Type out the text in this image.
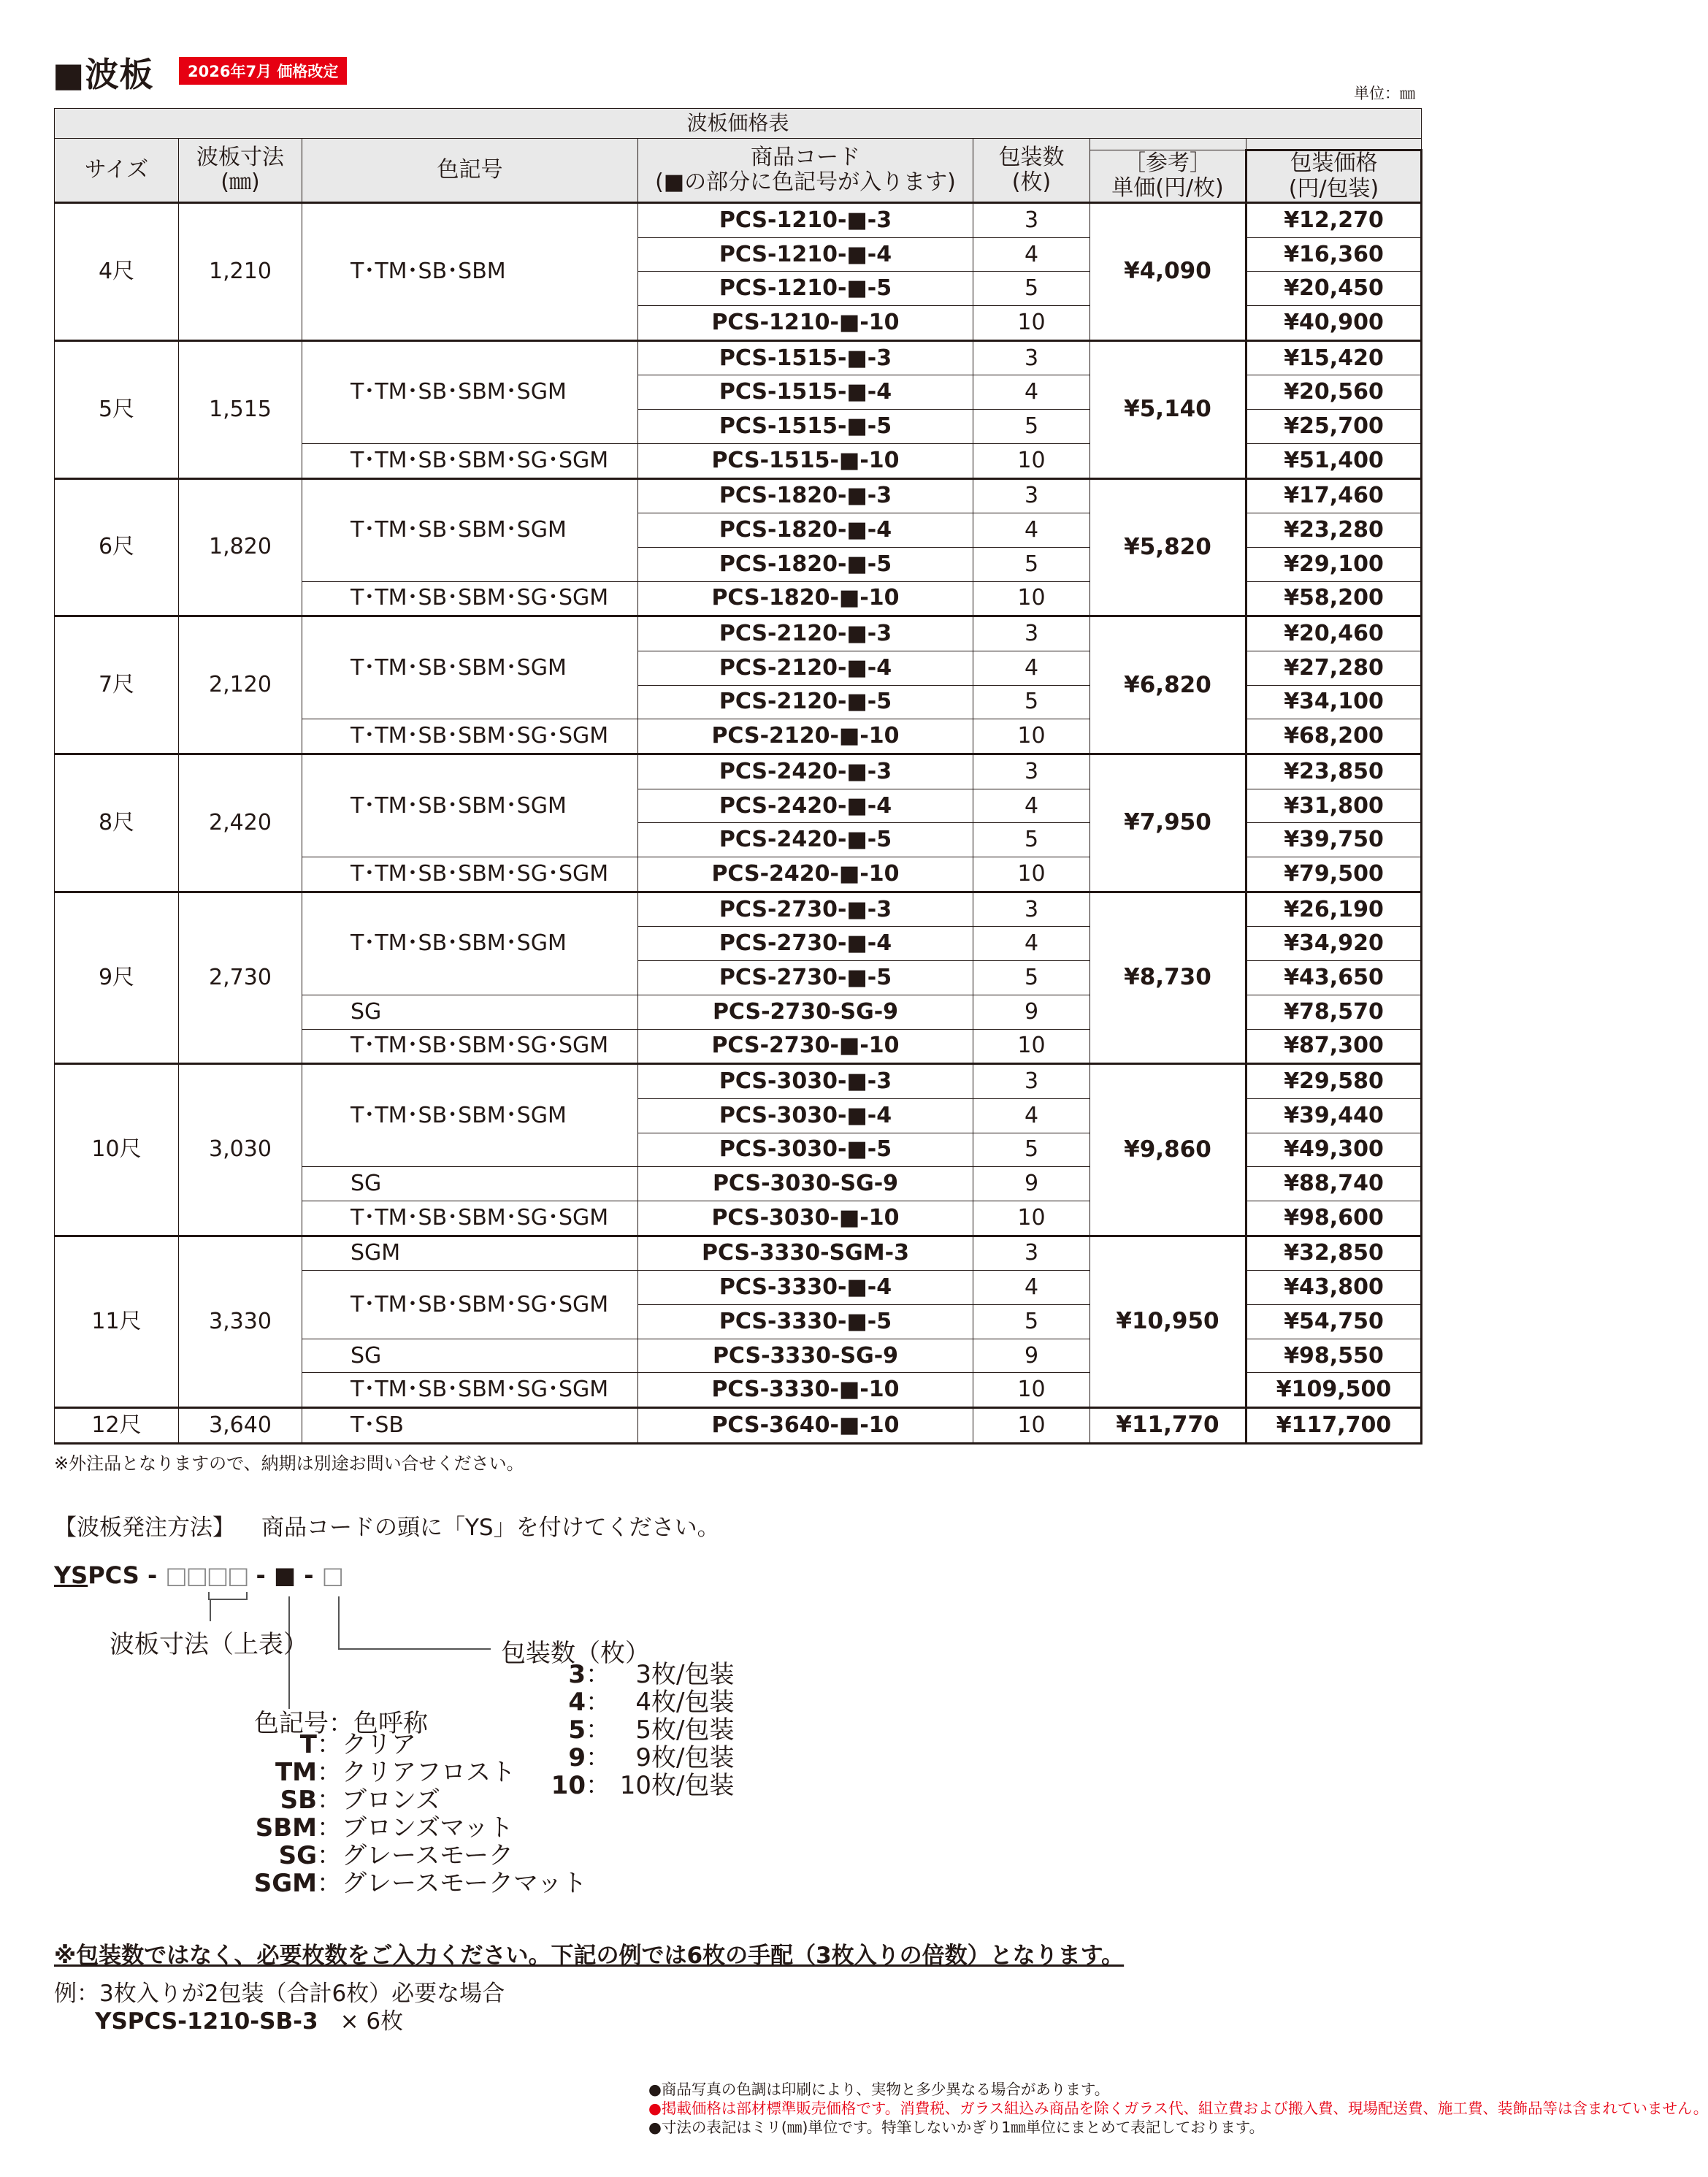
■波板	2026年7月 価格改定
単位：㎜
波板価格表						
サイズ	波板寸法
(㎜)	色記号	商品コード
(■の部分に色記号が入ります)	包装数
(枚)		
					［参考］
単価(円/枚)	包装価格
(円/包装)
4尺	1,210	T･TM･SB･SBM	PCS-1210-■-3	3	¥4,090	¥12,270
			PCS-1210-■-4	4		¥16,360
			PCS-1210-■-5	5		¥20,450
			PCS-1210-■-10	10		¥40,900
5尺	1,515	T･TM･SB･SBM･SGM	PCS-1515-■-3	3	¥5,140	¥15,420
			PCS-1515-■-4	4		¥20,560
			PCS-1515-■-5	5		¥25,700
		T･TM･SB･SBM･SG･SGM	PCS-1515-■-10	10		¥51,400
6尺	1,820	T･TM･SB･SBM･SGM	PCS-1820-■-3	3	¥5,820	¥17,460
			PCS-1820-■-4	4		¥23,280
			PCS-1820-■-5	5		¥29,100
		T･TM･SB･SBM･SG･SGM	PCS-1820-■-10	10		¥58,200
7尺	2,120	T･TM･SB･SBM･SGM	PCS-2120-■-3	3	¥6,820	¥20,460
			PCS-2120-■-4	4		¥27,280
			PCS-2120-■-5	5		¥34,100
		T･TM･SB･SBM･SG･SGM	PCS-2120-■-10	10		¥68,200
8尺	2,420	T･TM･SB･SBM･SGM	PCS-2420-■-3	3	¥7,950	¥23,850
			PCS-2420-■-4	4		¥31,800
			PCS-2420-■-5	5		¥39,750
		T･TM･SB･SBM･SG･SGM	PCS-2420-■-10	10		¥79,500
9尺	2,730	T･TM･SB･SBM･SGM	PCS-2730-■-3	3	¥8,730	¥26,190
			PCS-2730-■-4	4		¥34,920
			PCS-2730-■-5	5		¥43,650
		SG	PCS-2730-SG-9	9		¥78,570
		T･TM･SB･SBM･SG･SGM	PCS-2730-■-10	10		¥87,300
10尺	3,030	T･TM･SB･SBM･SGM	PCS-3030-■-3	3	¥9,860	¥29,580
			PCS-3030-■-4	4		¥39,440
			PCS-3030-■-5	5		¥49,300
		SG	PCS-3030-SG-9	9		¥88,740
		T･TM･SB･SBM･SG･SGM	PCS-3030-■-10	10		¥98,600
11尺	3,330	SGM	PCS-3330-SGM-3	3	¥10,950	¥32,850
		T･TM･SB･SBM･SG･SGM	PCS-3330-■-4	4		¥43,800
			PCS-3330-■-5	5		¥54,750
		SG	PCS-3330-SG-9	9		¥98,550
		T･TM･SB･SBM･SG･SGM	PCS-3330-■-10	10		¥109,500
12尺	3,640	T･SB	PCS-3640-■-10	10	¥11,770	¥117,700
※外注品となりますので、納期は別途お問い合せください。
【波板発注方法】 商品コードの頭に「YS」を付けてください。
YSPCS - □□□□ - ■ - □
波板寸法（上表）
色記号：色呼称
T：クリア
TM：クリアフロスト
SB：ブロンズ
SBM：ブロンズマット
SG：グレースモーク
SGM：グレースモークマット
包装数（枚）
3： 3枚/包装
4： 4枚/包装
5： 5枚/包装
9： 9枚/包装
10： 10枚/包装
※包装数ではなく、必要枚数をご入力ください。下記の例では6枚の手配（3枚入りの倍数）となります。
例：3枚入りが2包装（合計6枚）必要な場合
YSPCS-1210-SB-3 × 6枚
●商品写真の色調は印刷により、実物と多少異なる場合があります。
●掲載価格は部材標準販売価格です。消費税、ガラス組込み商品を除くガラス代、組立費および搬入費、現場配送費、施工費、装飾品等は含まれていません。
●寸法の表記はミリ(㎜)単位です。特筆しないかぎり1㎜単位にまとめて表記しております。
